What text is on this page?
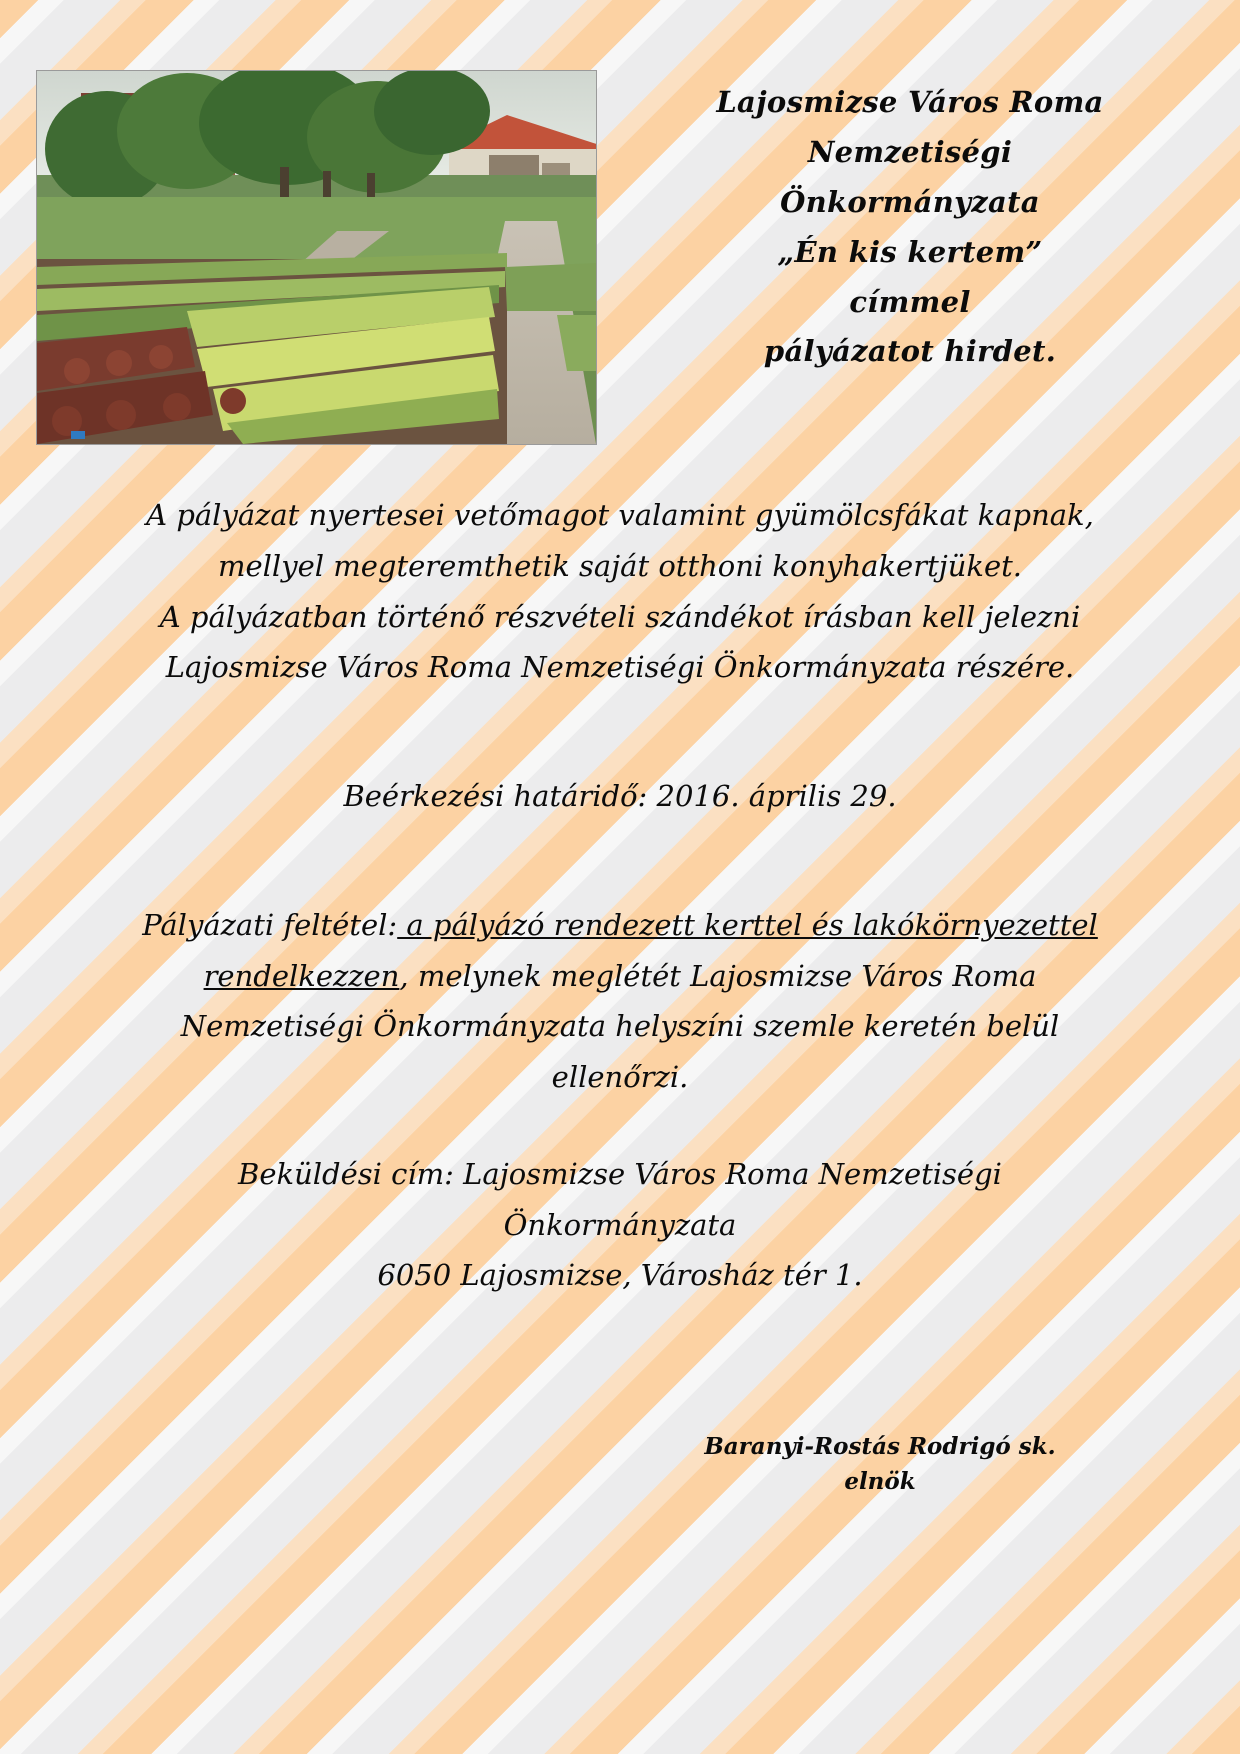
Lajosmizse Város Roma
Nemzetiségi
Önkormányzata
„Én kis kertem”
címmel
pályázatot hirdet.

A pályázat nyertesei vetőmagot valamint gyümölcsfákat kapnak,

mellyel megteremthetik saját otthoni konyhakertjüket.

A pályázatban történő részvételi szándékot írásban kell jelezni

Lajosmizse Város Roma Nemzetiségi Önkormányzata részére.

Beérkezési határidő: 2016. április 29.

Pályázati feltétel: a pályázó rendezett kerttel és lakókörnyezettel

rendelkezzen, melynek meglétét Lajosmizse Város Roma

Nemzetiségi Önkormányzata helyszíni szemle keretén belül

ellenőrzi.

Beküldési cím: Lajosmizse Város Roma Nemzetiségi

Önkormányzata

6050 Lajosmizse, Városház tér 1.

Baranyi-Rostás Rodrigó sk.
elnök
